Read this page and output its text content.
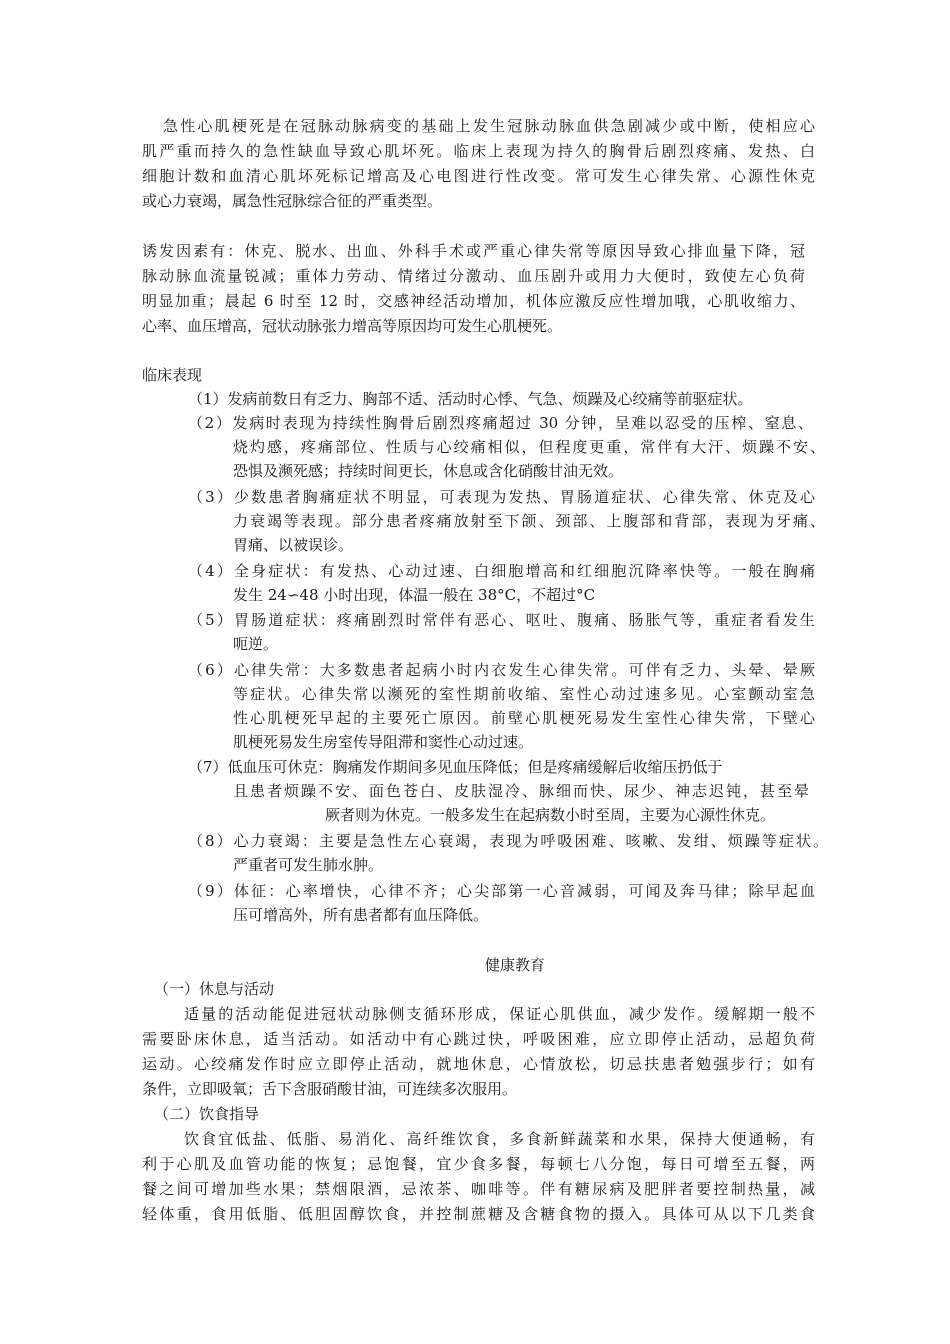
急性心肌梗死是在冠脉动脉病变的基础上发生冠脉动脉血供急剧减少或中断，使相应心
肌严重而持久的急性缺血导致心肌坏死。临床上表现为持久的胸骨后剧烈疼痛、发热、白
细胞计数和血清心肌坏死标记增高及心电图进行性改变。常可发生心律失常、心源性休克
或心力衰竭，属急性冠脉综合征的严重类型。
诱发因素有：休克、脱水、出血、外科手术或严重心律失常等原因导致心排血量下降，冠
脉动脉血流量锐减；重体力劳动、情绪过分激动、血压剧升或用力大便时，致使左心负荷
明显加重；晨起 6 时至 12 时，交感神经活动增加，机体应激反应性增加哦，心肌收缩力、
心率、血压增高，冠状动脉张力增高等原因均可发生心肌梗死。
临床表现
（1）发病前数日有乏力、胸部不适、活动时心悸、气急、烦躁及心绞痛等前驱症状。
（2）发病时表现为持续性胸骨后剧烈疼痛超过 30 分钟，呈难以忍受的压榨、窒息、
烧灼感，疼痛部位、性质与心绞痛相似，但程度更重，常伴有大汗、烦躁不安、
恐惧及濒死感；持续时间更长，休息或含化硝酸甘油无效。
（3）少数患者胸痛症状不明显，可表现为发热、胃肠道症状、心律失常、休克及心
力衰竭等表现。部分患者疼痛放射至下颌、颈部、上腹部和背部，表现为牙痛、
胃痛、以被误诊。
（4）全身症状：有发热、心动过速、白细胞增高和红细胞沉降率快等。一般在胸痛
发生 24∽48 小时出现，体温一般在 38°C，不超过°C
（5）胃肠道症状：疼痛剧烈时常伴有恶心、呕吐、腹痛、肠胀气等，重症者看发生
呃逆。
（6）心律失常：大多数患者起病小时内衣发生心律失常。可伴有乏力、头晕、晕厥
等症状。心律失常以濒死的室性期前收缩、室性心动过速多见。心室颤动室急
性心肌梗死早起的主要死亡原因。前壁心肌梗死易发生室性心律失常，下壁心
肌梗死易发生房室传导阻滞和窦性心动过速。
（7）低血压可休克：胸痛发作期间多见血压降低；但是疼痛缓解后收缩压扔低于
且患者烦躁不安、面色苍白、皮肤湿冷、脉细而快、尿少、神志迟钝，甚至晕
厥者则为休克。一般多发生在起病数小时至周，主要为心源性休克。
（8）心力衰竭：主要是急性左心衰竭，表现为呼吸困难、咳嗽、发绀、烦躁等症状。
严重者可发生肺水肿。
（9）体征：心率增快，心律不齐；心尖部第一心音减弱，可闻及奔马律；除早起血
压可增高外，所有患者都有血压降低。
健康教育
（一）休息与活动
适量的活动能促进冠状动脉侧支循环形成，保证心肌供血，减少发作。缓解期一般不
需要卧床休息，适当活动。如活动中有心跳过快，呼吸困难，应立即停止活动，忌超负荷
运动。心绞痛发作时应立即停止活动，就地休息，心情放松，切忌扶患者勉强步行；如有
条件，立即吸氧；舌下含服硝酸甘油，可连续多次服用。
（二）饮食指导
饮食宜低盐、低脂、易消化、高纤维饮食，多食新鲜蔬菜和水果，保持大便通畅，有
利于心肌及血管功能的恢复；忌饱餐，宜少食多餐，每顿七八分饱，每日可增至五餐，两
餐之间可增加些水果；禁烟限酒，忌浓茶、咖啡等。伴有糖尿病及肥胖者要控制热量，减
轻体重，食用低脂、低胆固醇饮食，并控制蔗糖及含糖食物的摄入。具体可从以下几类食
